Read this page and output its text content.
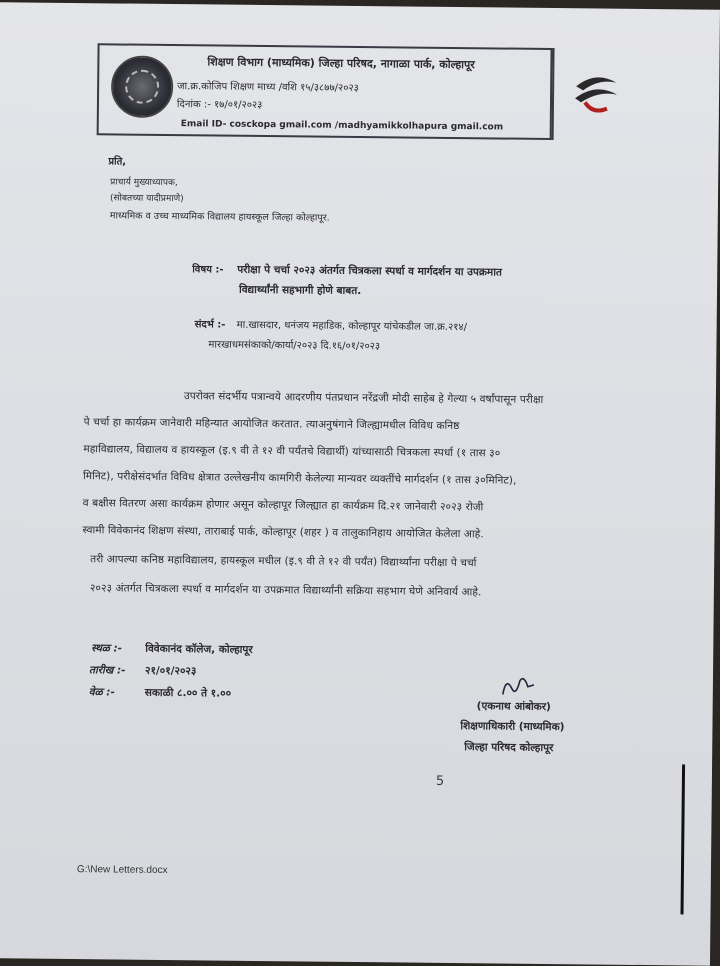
शिक्षण विभाग (माध्यमिक) जिल्हा परिषद, नागाळा पार्क, कोल्हापूर
जा.क्र.कोजिप शिक्षण माध्य /वशि १५/३८७७/२०२३
दिनांक :- १७/०१/२०२३
Email ID- cosckopa gmail.com /madhyamikkolhapura gmail.com
प्रति,
प्राचार्य मुख्याध्यापक,
(सोबतच्या यादीप्रमाणे)
माध्यमिक व उच्च माध्यमिक विद्यालय हायस्कूल जिल्हा कोल्हापूर.
विषय :- परीक्षा पे चर्चा २०२३ अंतर्गत चित्रकला स्पर्धा व मार्गदर्शन या उपक्रमात
विद्यार्थ्यांनी सहभागी होणे बाबत.
संदर्भ :- मा.खासदार, धनंजय महाडिक, कोल्हापूर यांचेकडील जा.क्र.२१४/
मारखाधमसंकाको/कार्या/२०२३ दि.१६/०१/२०२३
उपरोक्त संदर्भीय पत्रान्वये आदरणीय पंतप्रधान नरेंद्रजी मोदी साहेब हे गेल्या ५ वर्षांपासून परीक्षा
पे चर्चा हा कार्यक्रम जानेवारी महिन्यात आयोजित करतात. त्याअनुषंगाने जिल्ह्यामधील विविध कनिष्ठ
महाविद्यालय, विद्यालय व हायस्कूल (इ.९ वी ते १२ वी पर्यंतचे विद्यार्थी) यांच्यासाठी चित्रकला स्पर्धा (१ तास ३०
मिनिट), परीक्षेसंदर्भात विविध क्षेत्रात उल्लेखनीय कामगिरी केलेल्या मान्यवर व्यक्तींचे मार्गदर्शन (१ तास ३०मिनिट),
व बक्षीस वितरण असा कार्यक्रम होणार असून कोल्हापूर जिल्ह्यात हा कार्यक्रम दि.२१ जानेवारी २०२३ रोजी
स्वामी विवेकानंद शिक्षण संस्था, ताराबाई पार्क, कोल्हापूर (शहर ) व तालुकानिहाय आयोजित केलेला आहे.
तरी आपल्या कनिष्ठ महाविद्यालय, हायस्कूल मधील (इ.९ वी ते १२ वी पर्यंत) विद्यार्थ्यांना परीक्षा पे चर्चा
२०२३ अंतर्गत चित्रकला स्पर्धा व मार्गदर्शन या उपक्रमात विद्यार्थ्यांनी सक्रिया सहभाग घेणे अनिवार्य आहे.
स्थळ :- विवेकानंद कॉलेज, कोल्हापूर
तारीख :- २१/०१/२०२३
वेळ :-	सकाळी ८.०० ते १.००
(एकनाथ आंबोकर)
शिक्षणाधिकारी (माध्यमिक)
जिल्हा परिषद कोल्हापूर
5
G:\New Letters.docx
